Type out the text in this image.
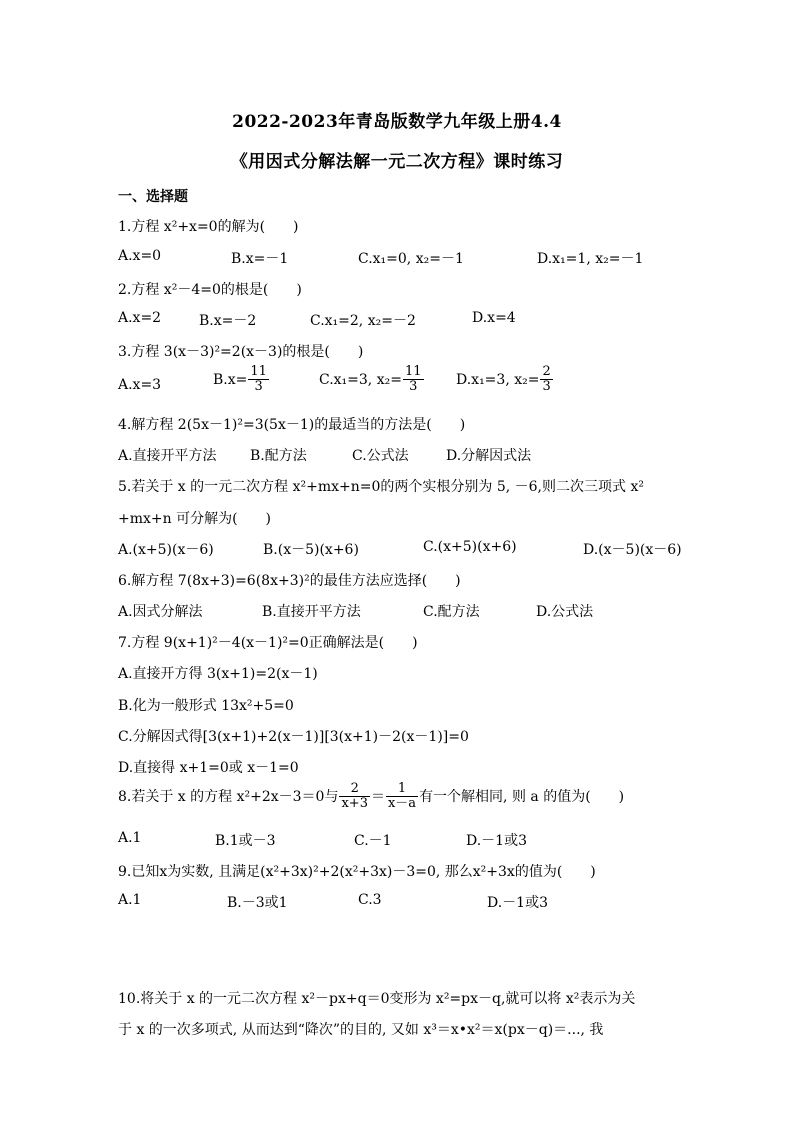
2022-2023年青岛版数学九年级上册4.4
《用因式分解法解一元二次方程》课时练习
一、选择题
1.方程 x²+x=0的解为(　　)
A.x=0	B.x=－1	C.x₁=0, x₂=－1	D.x₁=1, x₂=－1
2.方程 x²－4=0的根是(　　)
A.x=2	B.x=－2	C.x₁=2, x₂=－2	D.x=4
3.方程 3(x－3)²=2(x－3)的根是(　　)
A.x=3	$B.x= \frac{11}{3}$	C.x₁=3, $x_2= \frac{11}{3} D.x_1=3$, $x_2= \frac{2}{3}$
4.解方程 2(5x－1)²=3(5x－1)的最适当的方法是(　　)
A.直接开平方法 B.配方法	C.公式法	D.分解因式法
5.若关于 x 的一元二次方程 x²+mx+n=0的两个实根分别为 5, －6,则二次三项式 x²
+mx+n 可分解为(　　)
A.(x+5)(x－6)	B.(x－5)(x+6)	C.(x+5)(x+6)	D.(x－5)(x－6)
6.解方程 7(8x+3)=6(8x+3)²的最佳方法应选择(　　)
A.因式分解法	B.直接开平方法	C.配方法	D.公式法
7.方程 9(x+1)²－4(x－1)²=0正确解法是(　　)
A.直接开方得 3(x+1)=2(x－1)
B.化为一般形式 13x²+5=0
C.分解因式得[3(x+1)+2(x－1)][3(x+1)－2(x－1)]=0
D.直接得 x+1=0或 x－1=0
8.若关于 x 的方程 x²+2x－3＝0与 $\frac{2}{x+3} = \frac{1}{x-a}$ 有一个解相同, 则 a 的值为(　　)
A.1	B.1或－3	C.－1	D.－1或3
9.已知x为实数, 且满足(x²+3x)²+2(x²+3x)－3=0, 那么x²+3x的值为(　　)
A.1	B.－3或1	C.3	D.－1或3
10.将关于 x 的一元二次方程 x²－px+q＝0变形为 x²=px－q,就可以将 x²表示为关
于 x 的一次多项式, 从而达到“降次”的目的, 又如 x³＝x•x²＝x(px－q)＝..., 我
